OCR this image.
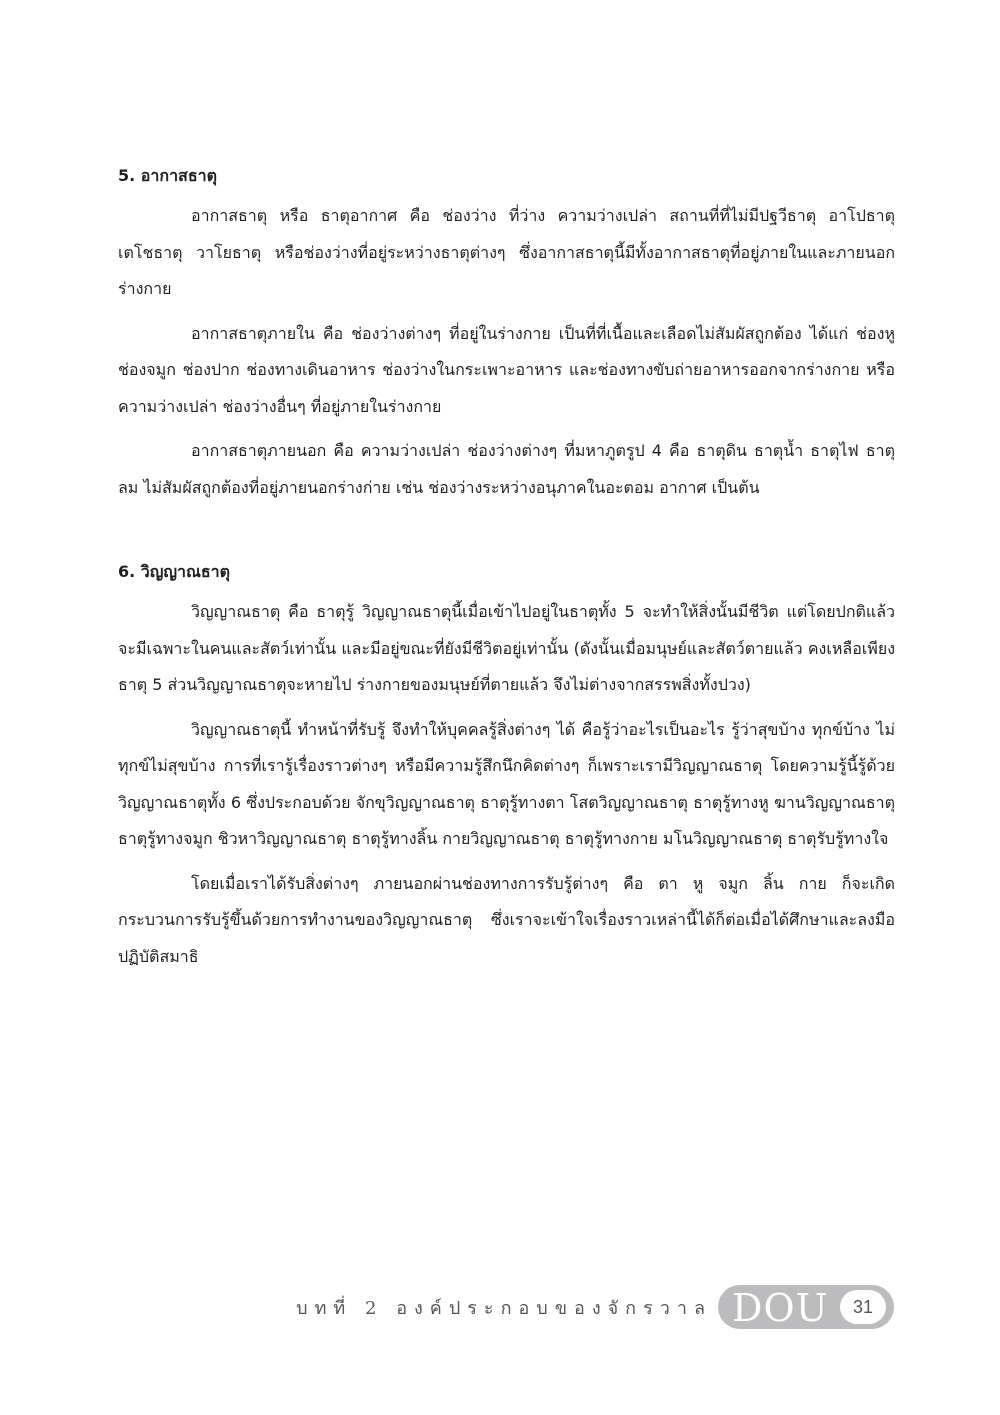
5. อากาสธาตุ

อากาสธาตุ หรือ ธาตุอากาศ คือ ช่องว่าง ที่ว่าง ความว่างเปล่า สถานที่ที่ไม่มีปฐวีธาตุ อาโปธาตุ เตโชธาตุ วาโยธาตุ หรือช่องว่างที่อยู่ระหว่างธาตุต่างๆ ซึ่งอากาสธาตุนี้มีทั้งอากาสธาตุที่อยู่ภายในและภายนอกร่างกาย

อากาสธาตุภายใน คือ ช่องว่างต่างๆ ที่อยู่ในร่างกาย เป็นที่ที่เนื้อและเลือดไม่สัมผัสถูกต้อง ได้แก่ ช่องหู ช่องจมูก ช่องปาก ช่องทางเดินอาหาร ช่องว่างในกระเพาะอาหาร และช่องทางขับถ่ายอาหารออกจากร่างกาย หรือความว่างเปล่า ช่องว่างอื่นๆ ที่อยู่ภายในร่างกาย

อากาสธาตุภายนอก คือ ความว่างเปล่า ช่องว่างต่างๆ ที่มหาภูตรูป 4 คือ ธาตุดิน ธาตุน้ำ ธาตุไฟ ธาตุลม ไม่สัมผัสถูกต้องที่อยู่ภายนอกร่างก่าย เช่น ช่องว่างระหว่างอนุภาคในอะตอม อากาศ เป็นต้น

6. วิญญาณธาตุ

วิญญาณธาตุ คือ ธาตุรู้ วิญญาณธาตุนี้เมื่อเข้าไปอยู่ในธาตุทั้ง 5 จะทำให้สิ่งนั้นมีชีวิต แต่โดยปกติแล้ว จะมีเฉพาะในคนและสัตว์เท่านั้น และมีอยู่ขณะที่ยังมีชีวิตอยู่เท่านั้น (ดังนั้นเมื่อมนุษย์และสัตว์ตายแล้ว คงเหลือเพียงธาตุ 5 ส่วนวิญญาณธาตุจะหายไป ร่างกายของมนุษย์ที่ตายแล้ว จึงไม่ต่างจากสรรพสิ่งทั้งปวง)

วิญญาณธาตุนี้ ทำหน้าที่รับรู้ จึงทำให้บุคคลรู้สิ่งต่างๆ ได้ คือรู้ว่าอะไรเป็นอะไร รู้ว่าสุขบ้าง ทุกข์บ้าง ไม่ทุกข์ไม่สุขบ้าง การที่เรารู้เรื่องราวต่างๆ หรือมีความรู้สึกนึกคิดต่างๆ ก็เพราะเรามีวิญญาณธาตุ โดยความรู้นี้รู้ด้วยวิญญาณธาตุทั้ง 6 ซึ่งประกอบด้วย จักขุวิญญาณธาตุ ธาตุรู้ทางตา โสตวิญญาณธาตุ ธาตุรู้ทางหู ฆานวิญญาณธาตุ ธาตุรู้ทางจมูก ชิวหาวิญญาณธาตุ ธาตุรู้ทางลิ้น กายวิญญาณธาตุ ธาตุรู้ทางกาย มโนวิญญาณธาตุ ธาตุรับรู้ทางใจ

โดยเมื่อเราได้รับสิ่งต่างๆ ภายนอกผ่านช่องทางการรับรู้ต่างๆ คือ ตา หู จมูก ลิ้น กาย ก็จะเกิดกระบวนการรับรู้ขึ้นด้วยการทำงานของวิญญาณธาตุ ซึ่งเราจะเข้าใจเรื่องราวเหล่านี้ได้ก็ต่อเมื่อได้ศึกษาและลงมือปฏิบัติสมาธิ

บทที่ 2 องค์ประกอบของจักรวาล DOU	31
